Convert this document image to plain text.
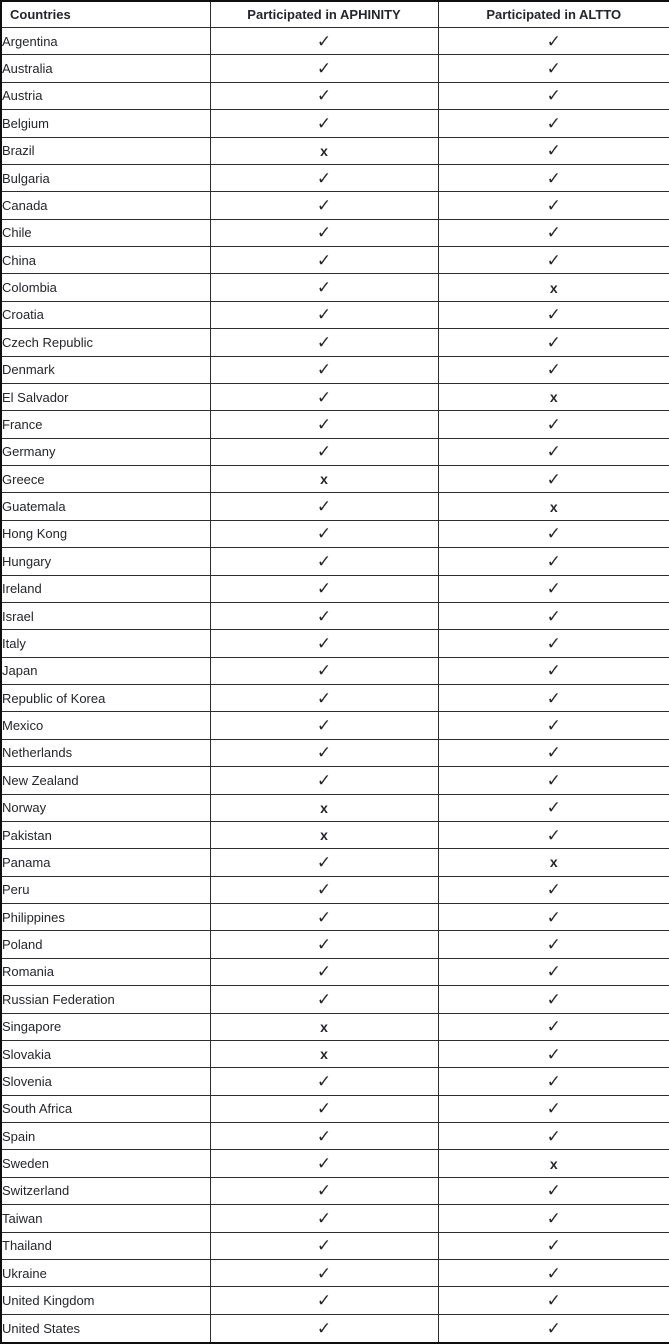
Countries	Participated in APHINITY	Participated in ALTTO
Argentina	✓	✓
Australia	✓	✓
Austria	✓	✓
Belgium	✓	✓
Brazil	x	✓
Bulgaria	✓	✓
Canada	✓	✓
Chile	✓	✓
China	✓	✓
Colombia	✓	x
Croatia	✓	✓
Czech Republic	✓	✓
Denmark	✓	✓
El Salvador	✓	x
France	✓	✓
Germany	✓	✓
Greece	x	✓
Guatemala	✓	x
Hong Kong	✓	✓
Hungary	✓	✓
Ireland	✓	✓
Israel	✓	✓
Italy	✓	✓
Japan	✓	✓
Republic of Korea	✓	✓
Mexico	✓	✓
Netherlands	✓	✓
New Zealand	✓	✓
Norway	x	✓
Pakistan	x	✓
Panama	✓	x
Peru	✓	✓
Philippines	✓	✓
Poland	✓	✓
Romania	✓	✓
Russian Federation	✓	✓
Singapore	x	✓
Slovakia	x	✓
Slovenia	✓	✓
South Africa	✓	✓
Spain	✓	✓
Sweden	✓	x
Switzerland	✓	✓
Taiwan	✓	✓
Thailand	✓	✓
Ukraine	✓	✓
United Kingdom	✓	✓
United States	✓	✓
